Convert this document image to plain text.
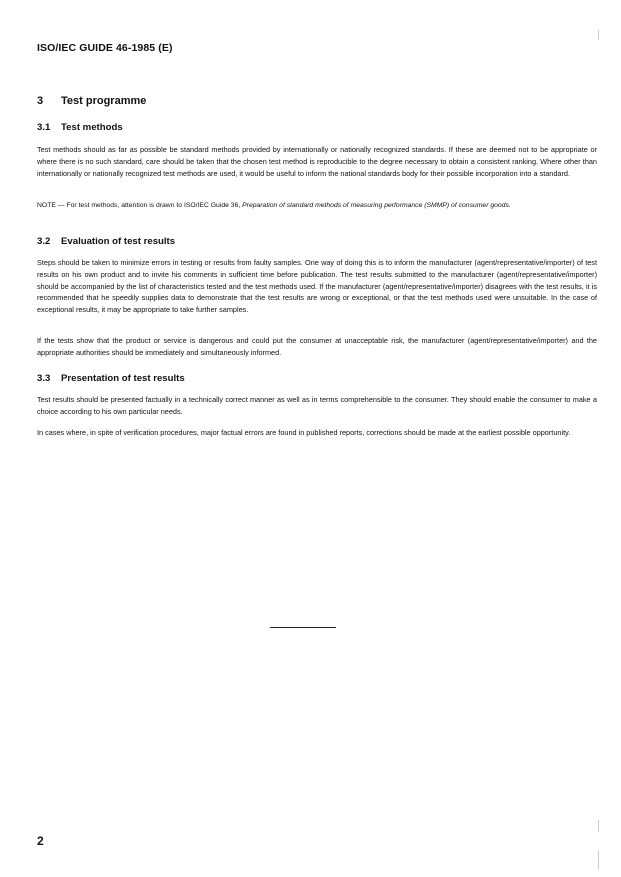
ISO/IEC GUIDE 46-1985 (E)
3 Test programme
3.1 Test methods
Test methods should as far as possible be standard methods provided by internationally or nationally recognized standards. If these are deemed not to be appropriate or where there is no such standard, care should be taken that the chosen test method is reproducible to the degree necessary to obtain a consistent ranking. Where other than internationally or nationally recognized test methods are used, it would be useful to inform the national standards body for their possible incorporation into a standard.
NOTE — For test methods, attention is drawn to ISO/IEC Guide 36, Preparation of standard methods of measuring performance (SMMP) of consumer goods.
3.2 Evaluation of test results
Steps should be taken to minimize errors in testing or results from faulty samples. One way of doing this is to inform the manufacturer (agent/representative/importer) of test results on his own product and to invite his comments in sufficient time before publication. The test results submitted to the manufacturer (agent/representative/importer) should be accompanied by the list of characteristics tested and the test methods used. If the manufacturer (agent/representative/importer) disagrees with the test results, it is recommended that he speedily supplies data to demonstrate that the test results are wrong or exceptional, or that the test methods used were unsuitable. In the case of exceptional results, it may be appropriate to take further samples.
If the tests show that the product or service is dangerous and could put the consumer at unacceptable risk, the manufacturer (agent/representative/importer) and the appropriate authorities should be immediately and simultaneously informed.
3.3 Presentation of test results
Test results should be presented factually in a technically correct manner as well as in terms comprehensible to the consumer. They should enable the consumer to make a choice according to his own particular needs.
In cases where, in spite of verification procedures, major factual errors are found in published reports, corrections should be made at the earliest possible opportunity.
2
